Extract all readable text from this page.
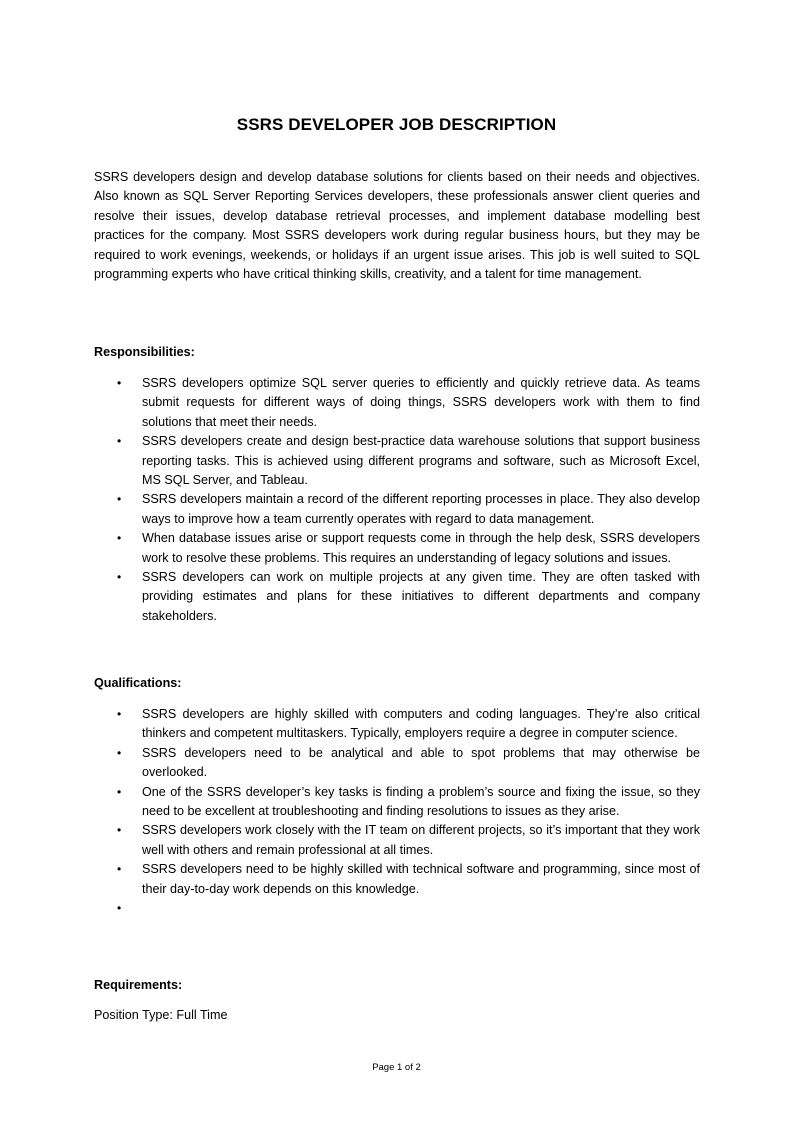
SSRS DEVELOPER JOB DESCRIPTION

SSRS developers design and develop database solutions for clients based on their needs and objectives. Also known as SQL Server Reporting Services developers, these professionals answer client queries and resolve their issues, develop database retrieval processes, and implement database modelling best practices for the company. Most SSRS developers work during regular business hours, but they may be required to work evenings, weekends, or holidays if an urgent issue arises. This job is well suited to SQL programming experts who have critical thinking skills, creativity, and a talent for time management.

Responsibilities:

• SSRS developers optimize SQL server queries to efficiently and quickly retrieve data. As teams submit requests for different ways of doing things, SSRS developers work with them to find solutions that meet their needs.
• SSRS developers create and design best-practice data warehouse solutions that support business reporting tasks. This is achieved using different programs and software, such as Microsoft Excel, MS SQL Server, and Tableau.
• SSRS developers maintain a record of the different reporting processes in place. They also develop ways to improve how a team currently operates with regard to data management.
• When database issues arise or support requests come in through the help desk, SSRS developers work to resolve these problems. This requires an understanding of legacy solutions and issues.
• SSRS developers can work on multiple projects at any given time. They are often tasked with providing estimates and plans for these initiatives to different departments and company stakeholders.

Qualifications:

• SSRS developers are highly skilled with computers and coding languages. They’re also critical thinkers and competent multitaskers. Typically, employers require a degree in computer science.
• SSRS developers need to be analytical and able to spot problems that may otherwise be overlooked.
• One of the SSRS developer’s key tasks is finding a problem’s source and fixing the issue, so they need to be excellent at troubleshooting and finding resolutions to issues as they arise.
• SSRS developers work closely with the IT team on different projects, so it’s important that they work well with others and remain professional at all times.
• SSRS developers need to be highly skilled with technical software and programming, since most of their day-to-day work depends on this knowledge.
•

Requirements:

Position Type: Full Time

Page 1 of 2
